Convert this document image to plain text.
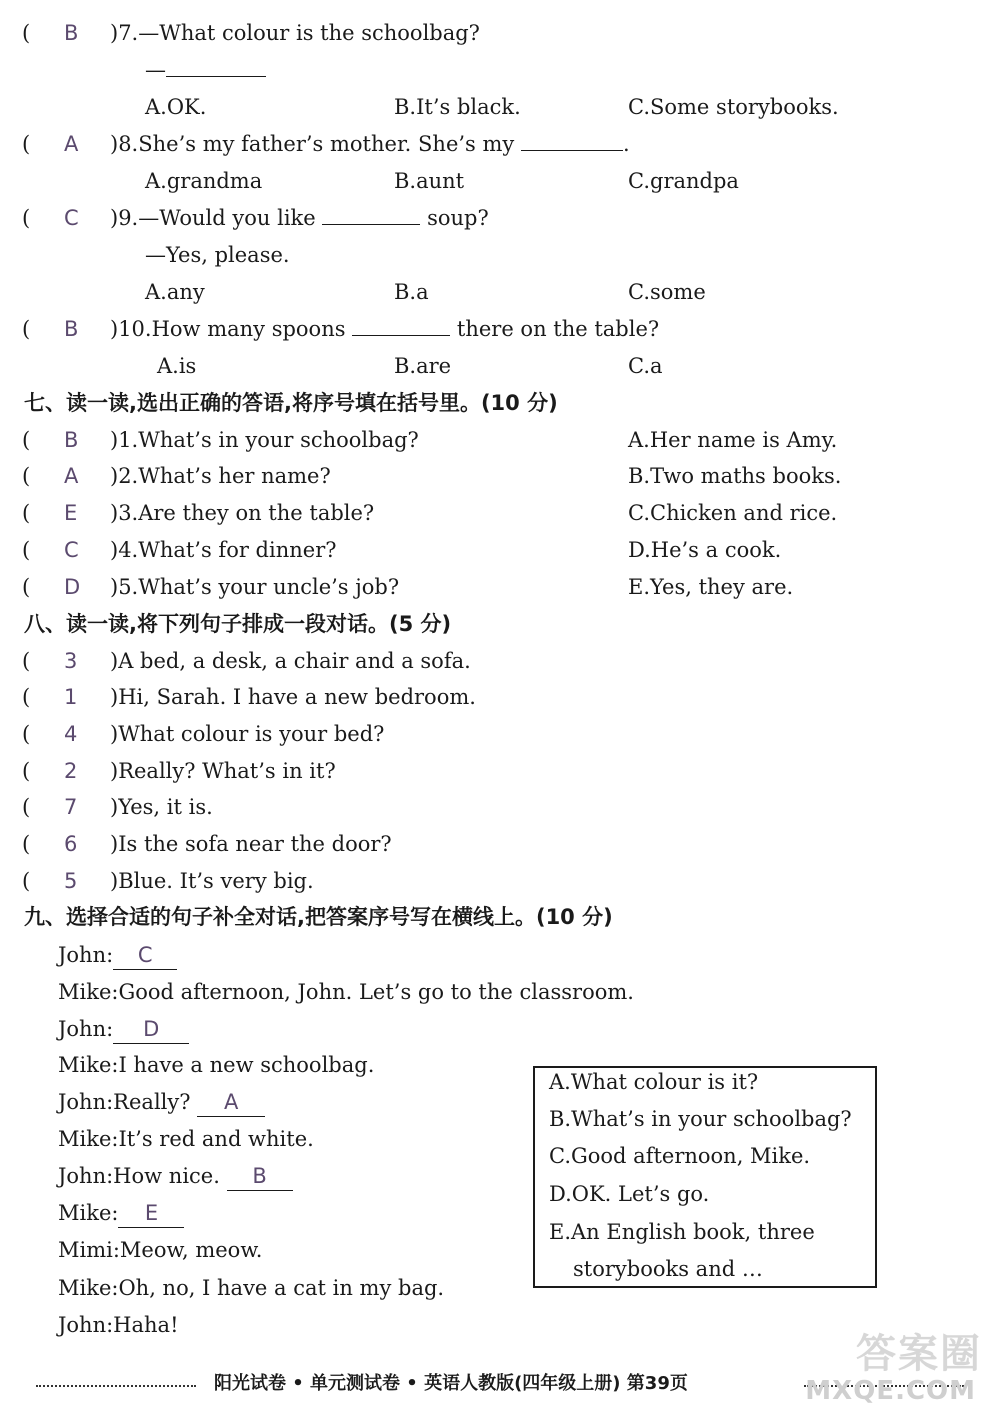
( B )7.—What colour is the schoolbag?
—
A.OK.	B.It’s black.	C.Some storybooks.
( A )8.She’s my father’s mother. She’s my	.
A.grandma	B.aunt	C.grandpa
( C )9.—Would you like	soup?
—Yes, please.
A.any	B.a	C.some
( B )10.How many spoons	there on the table?
A.is	B.are	C.a
七、读一读,选出正确的答语,将序号填在括号里。(10 分)
( B )1.What’s in your schoolbag?	A.Her name is Amy.
( A )2.What’s her name?	B.Two maths books.
( E )3.Are they on the table?	C.Chicken and rice.
( C )4.What’s for dinner?	D.He’s a cook.
( D )5.What’s your uncle’s job?	E.Yes, they are.
八、读一读,将下列句子排成一段对话。(5 分)
( 3 )A bed, a desk, a chair and a sofa.
( 1 )Hi, Sarah. I have a new bedroom.
( 4 )What colour is your bed?
( 2 )Really? What’s in it?
( 7 )Yes, it is.
( 6 )Is the sofa near the door?
( 5 )Blue. It’s very big.
九、选择合适的句子补全对话,把答案序号写在横线上。(10 分)
John: C
Mike:Good afternoon, John. Let’s go to the classroom.
John: D
Mike:I have a new schoolbag.
John:Really? A
Mike:It’s red and white.
John:How nice. B
Mike: E
Mimi:Meow, meow.
Mike:Oh, no, I have a cat in my bag.
John:Haha!
A.What colour is it?
B.What’s in your schoolbag?
C.Good afternoon, Mike.
D.OK. Let’s go.
E.An English book, three
storybooks and …
答案圈
阳光试卷 • 单元测试卷 • 英语人教版(四年级上册) 第39页	MXQE.COM
